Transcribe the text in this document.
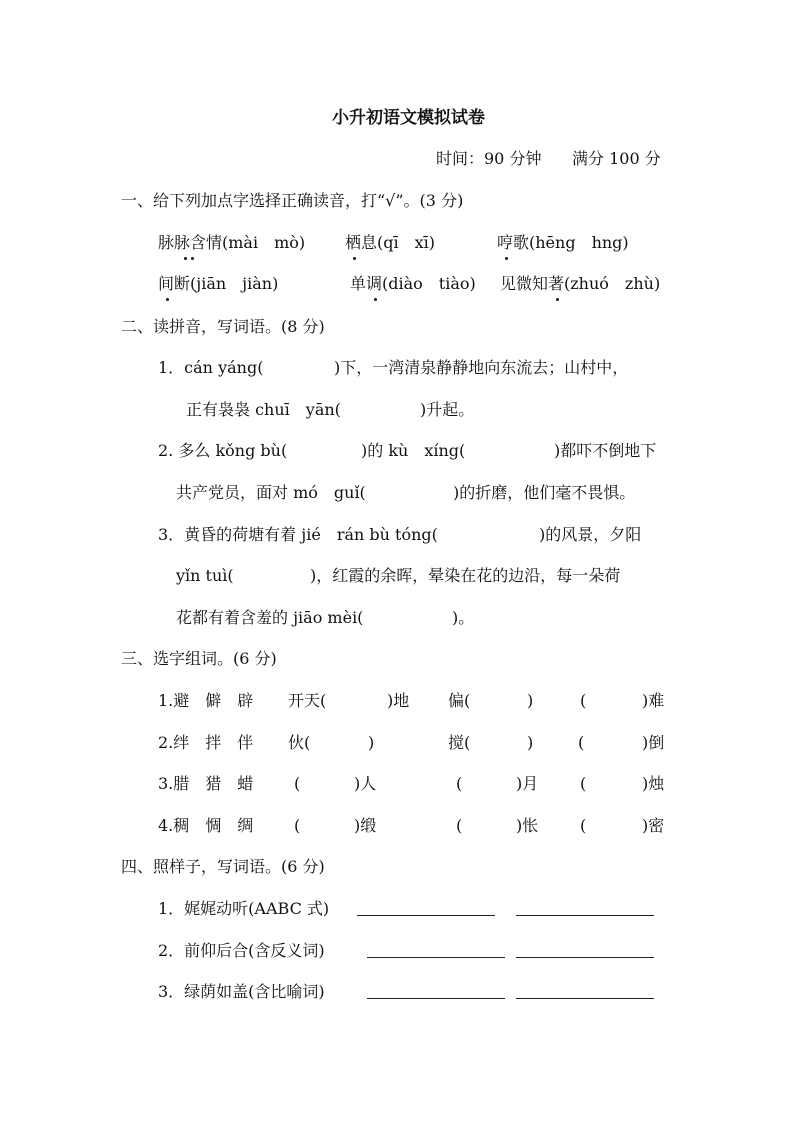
小升初语文模拟试卷
时间：90 分钟 满分 100 分
一、给下列加点字选择正确读音，打“√”。(3 分)
脉脉含情(mài　mò) 栖息(qī　xī)	哼歌(hēng　hng)
间断(jiān　jiàn)	单调(diào　tiào) 见微知著(zhuó　zhù)
二、读拼音，写词语。(8 分)
1．cán yáng(	)下，一湾清泉静静地向东流去；山村中，
正有袅袅 chuī　yān(	)升起。
2. 多么 kǒng bù(	)的 kù　xíng(	)都吓不倒地下
共产党员，面对 mó　guǐ(	)的折磨，他们毫不畏惧。
3．黄昏的荷塘有着 jié　rán bù tóng(	)的风景，夕阳
yǐn tuì(	)，红霞的余晖，晕染在花的边沿，每一朵荷
花都有着含羞的 jiāo mèi(	)。
三、选字组词。(6 分)
1.避　僻　辟 开天(	)地 偏(	)	(	)难
2.绊　拌　伴 伙(	)	搅(	)	(	)倒
3.腊　猎　蜡	(	)人	(	)月	(	)烛
4.稠　惆　绸	(	)缎	(	)怅	(	)密
四、照样子，写词语。(6 分)
1．娓娓动听(AABC 式)
2．前仰后合(含反义词)
3．绿荫如盖(含比喻词)
